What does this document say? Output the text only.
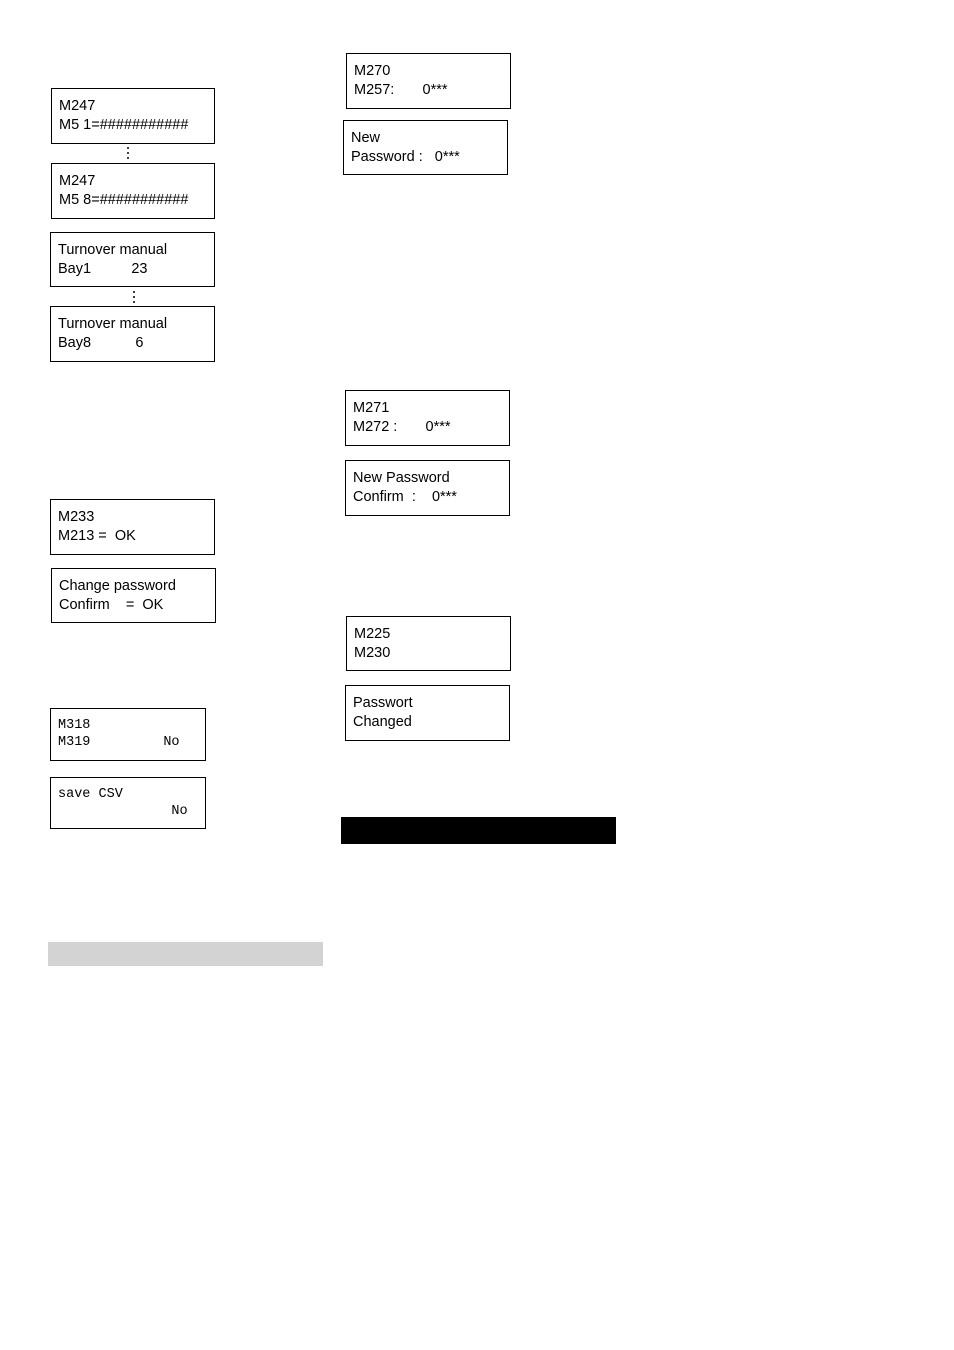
M247
M5 1=###########
M247
M5 8=###########
Turnover manual
Bay1          23
Turnover manual
Bay8           6
M233
M213 =  OK
Change password
Confirm    =  OK
M318
M319         No
save CSV
No
M270
M257:       0***
New
Password :   0***
M271
M272 :       0***
New Password
Confirm  :    0***
M225
M230
Passwort
Changed
